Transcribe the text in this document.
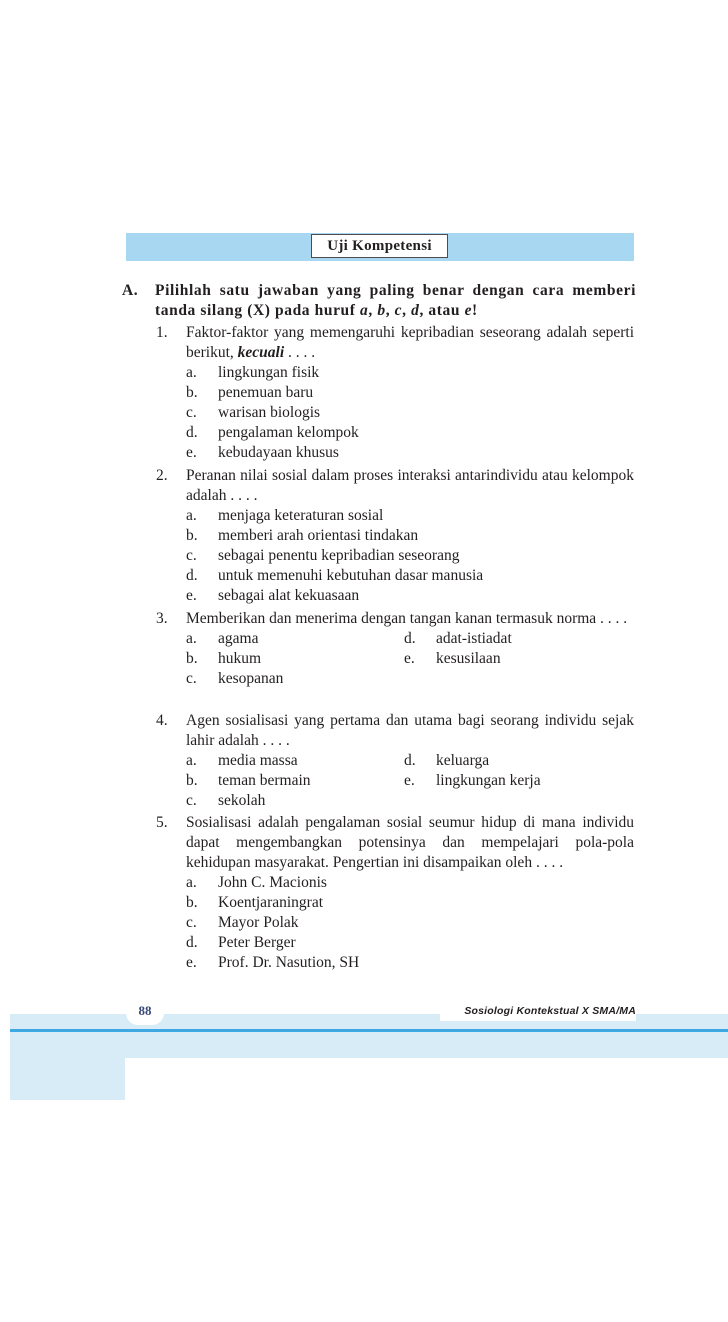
Uji Kompetensi
A. Pilihlah satu jawaban yang paling benar dengan cara memberi tanda silang (X) pada huruf a, b, c, d, atau e!
1. Faktor-faktor yang memengaruhi kepribadian seseorang adalah seperti berikut, kecuali . . . .
a. lingkungan fisik
b. penemuan baru
c. warisan biologis
d. pengalaman kelompok
e. kebudayaan khusus
2. Peranan nilai sosial dalam proses interaksi antarindividu atau kelompok adalah . . . .
a. menjaga keteraturan sosial
b. memberi arah orientasi tindakan
c. sebagai penentu kepribadian seseorang
d. untuk memenuhi kebutuhan dasar manusia
e. sebagai alat kekuasaan
3. Memberikan dan menerima dengan tangan kanan termasuk norma . . . .
a. agama	d. adat-istiadat
b. hukum	e. kesusilaan
c. kesopanan
4. Agen sosialisasi yang pertama dan utama bagi seorang individu sejak lahir adalah . . . .
a. media massa	d. keluarga
b. teman bermain	e. lingkungan kerja
c. sekolah
5. Sosialisasi adalah pengalaman sosial seumur hidup di mana individu dapat mengembangkan potensinya dan mempelajari pola-pola kehidupan masyarakat. Pengertian ini disampaikan oleh . . . .
a. John C. Macionis
b. Koentjaraningrat
c. Mayor Polak
d. Peter Berger
e. Prof. Dr. Nasution, SH
88	Sosiologi Kontekstual X SMA/MA
